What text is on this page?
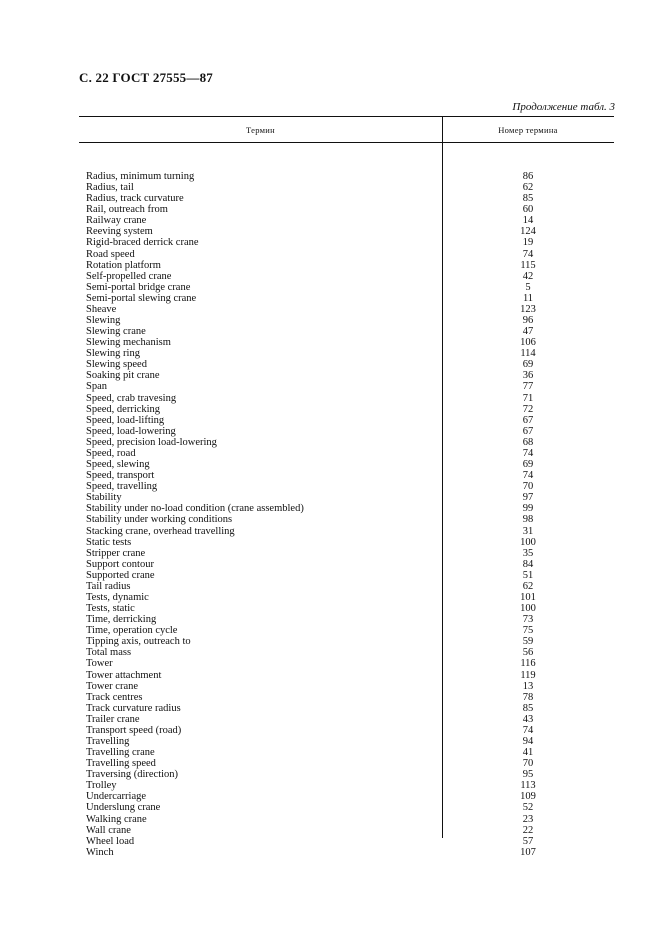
С. 22 ГОСТ 27555—87
Продолжение табл. 3
Термин	Номер термина
Radius, minimum turning	86
Radius, tail	62
Radius, track curvature	85
Rail, outreach from	60
Railway crane	14
Reeving system	124
Rigid-braced derrick crane	19
Road speed	74
Rotation platform	115
Self-propelled crane	42
Semi-portal bridge crane	5
Semi-portal slewing crane	11
Sheave	123
Slewing	96
Slewing crane	47
Slewing mechanism	106
Slewing ring	114
Slewing speed	69
Soaking pit crane	36
Span	77
Speed, crab travesing	71
Speed, derricking	72
Speed, load-lifting	67
Speed, load-lowering	67
Speed, precision load-lowering	68
Speed, road	74
Speed, slewing	69
Speed, transport	74
Speed, travelling	70
Stability	97
Stability under no-load condition (crane assembled)	99
Stability under working conditions	98
Stacking crane, overhead travelling	31
Static tests	100
Stripper crane	35
Support contour	84
Supported crane	51
Tail radius	62
Tests, dynamic	101
Tests, static	100
Time, derricking	73
Time, operation cycle	75
Tipping axis, outreach to	59
Total mass	56
Tower	116
Tower attachment	119
Tower crane	13
Track centres	78
Track curvature radius	85
Trailer crane	43
Transport speed (road)	74
Travelling	94
Travelling crane	41
Travelling speed	70
Traversing (direction)	95
Trolley	113
Undercarriage	109
Underslung crane	52
Walking crane	23
Wall crane	22
Wheel load	57
Winch	107
